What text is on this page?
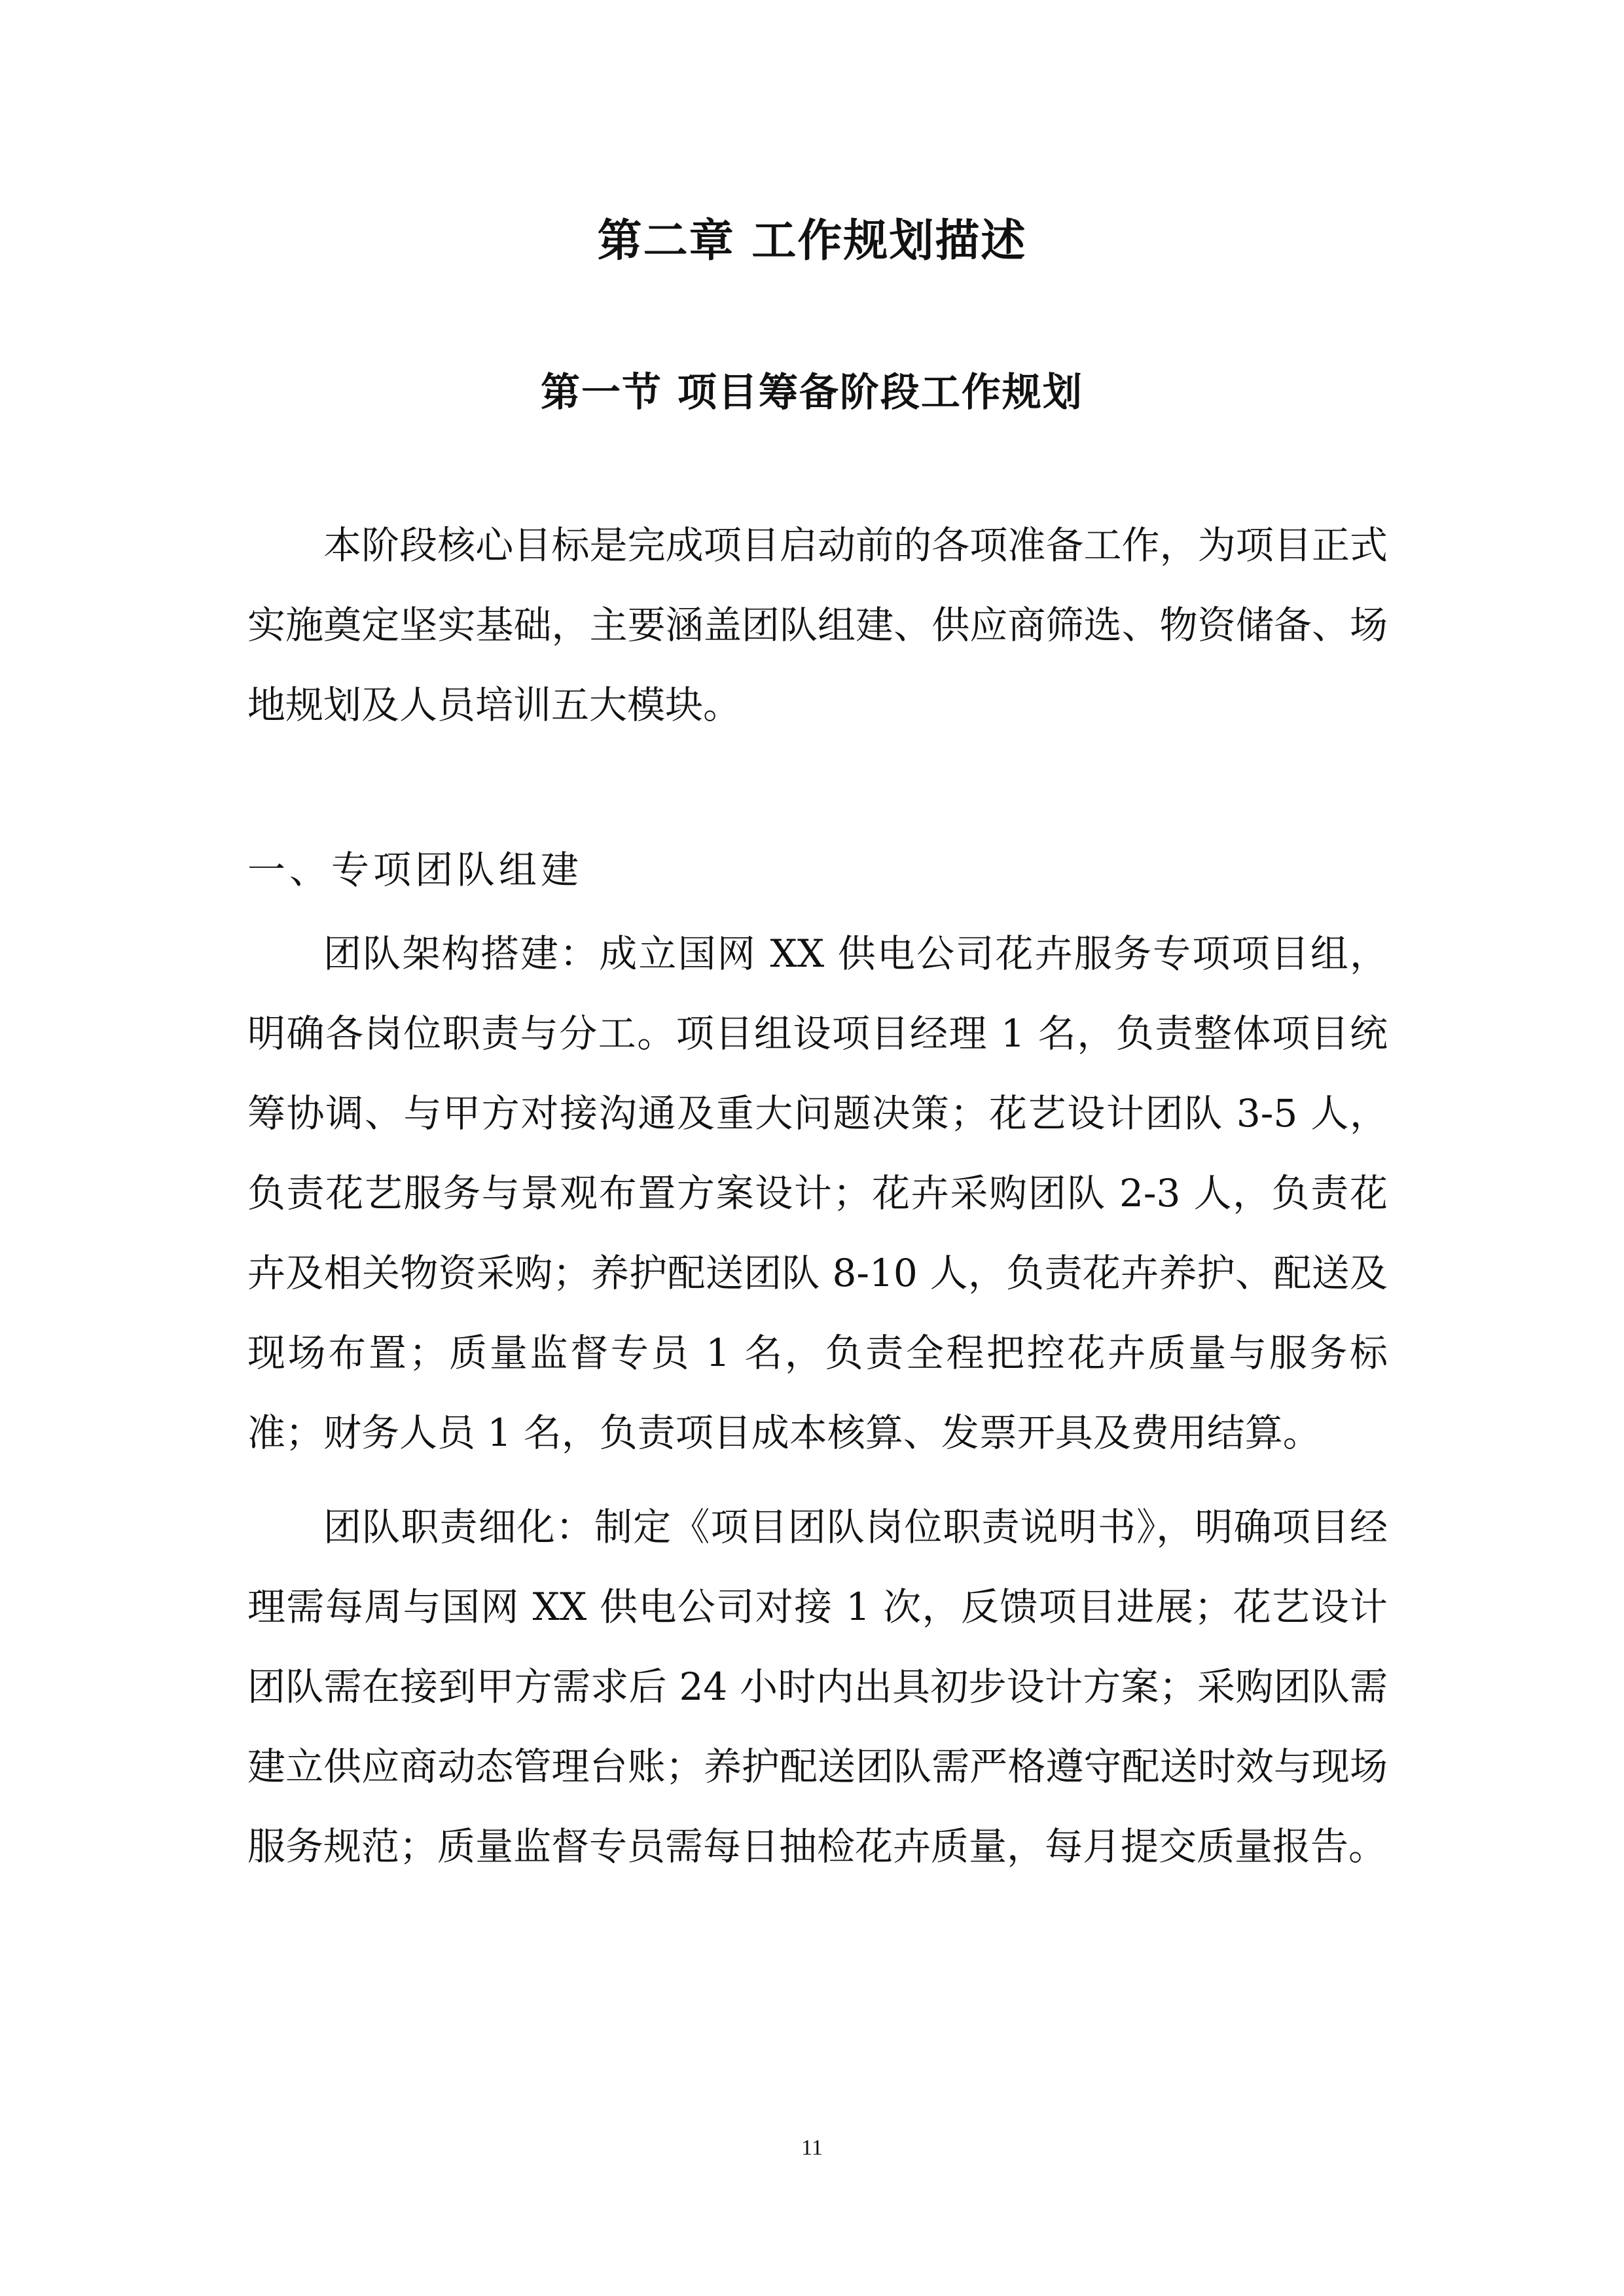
第二章 工作规划描述
第一节 项目筹备阶段工作规划

本阶段核心目标是完成项目启动前的各项准备工作，为项目正式实施奠定坚实基础，主要涵盖团队组建、供应商筛选、物资储备、场地规划及人员培训五大模块。

一、专项团队组建

团队架构搭建：成立国网 XX 供电公司花卉服务专项项目组，明确各岗位职责与分工。项目组设项目经理 1 名，负责整体项目统筹协调、与甲方对接沟通及重大问题决策；花艺设计团队 3-5 人，负责花艺服务与景观布置方案设计；花卉采购团队 2-3 人，负责花卉及相关物资采购；养护配送团队 8-10 人，负责花卉养护、配送及现场布置；质量监督专员 1 名，负责全程把控花卉质量与服务标准；财务人员 1 名，负责项目成本核算、发票开具及费用结算。

团队职责细化：制定《项目团队岗位职责说明书》，明确项目经理需每周与国网 XX 供电公司对接 1 次，反馈项目进展；花艺设计团队需在接到甲方需求后 24 小时内出具初步设计方案；采购团队需建立供应商动态管理台账；养护配送团队需严格遵守配送时效与现场服务规范；质量监督专员需每日抽检花卉质量，每月提交质量报告。

11
